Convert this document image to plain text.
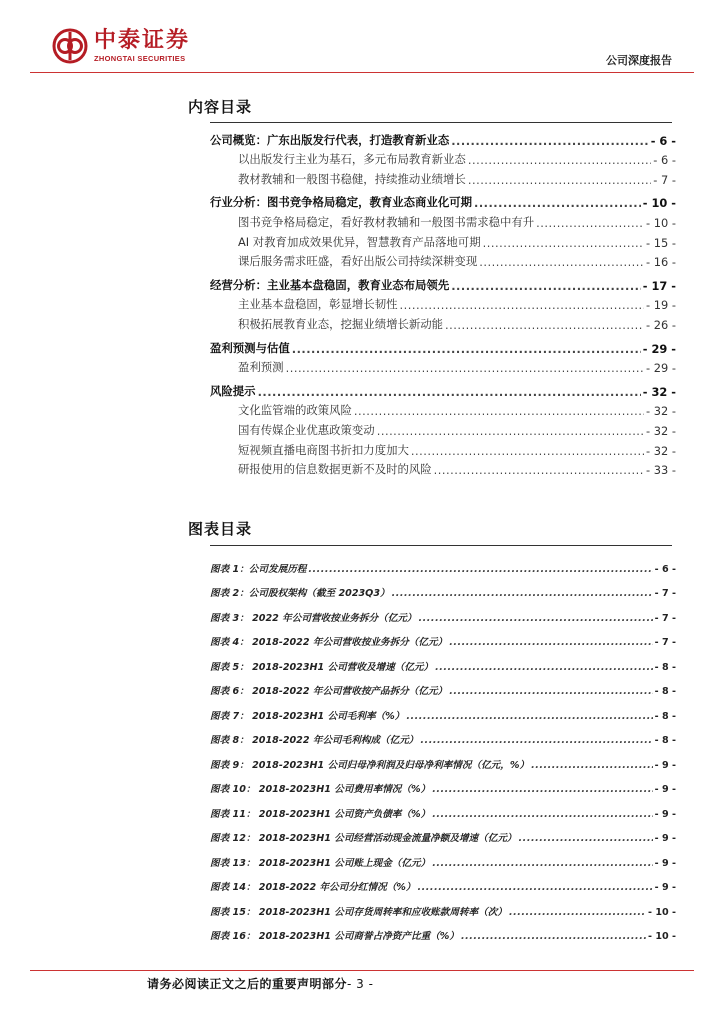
中泰证券
ZHONGTAI SECURITIES	公司深度报告
内容目录
公司概览：广东出版发行代表，打造教育新业态 .....	- 6 -
以出版发行主业为基石，多元布局教育新业态 .....	- 6 -
教材教辅和一般图书稳健，持续推动业绩增长 .....	- 7 -
行业分析：图书竞争格局稳定，教育业态商业化可期 .....	- 10 -
图书竞争格局稳定，看好教材教辅和一般图书需求稳中有升 .....	- 10 -
AI 对教育加成效果优异，智慧教育产品落地可期 .....	- 15 -
课后服务需求旺盛，看好出版公司持续深耕变现 .....	- 16 -
经营分析：主业基本盘稳固，教育业态布局领先 .....	- 17 -
主业基本盘稳固，彰显增长韧性 .....	- 19 -
积极拓展教育业态，挖掘业绩增长新动能 .....	- 26 -
盈利预测与估值 .....	- 29 -
盈利预测 .....	- 29 -
风险提示 .....	- 32 -
文化监管端的政策风险 .....	- 32 -
国有传媒企业优惠政策变动 .....	- 32 -
短视频直播电商图书折扣力度加大 .....	- 32 -
研报使用的信息数据更新不及时的风险 .....	- 33 -
图表目录
图表 1：公司发展历程 .....	- 6 -
图表 2：公司股权架构（截至 2023Q3） .....	- 7 -
图表 3： 2022 年公司营收按业务拆分（亿元） .....	- 7 -
图表 4： 2018-2022 年公司营收按业务拆分（亿元） .....	- 7 -
图表 5： 2018-2023H1 公司营收及增速（亿元） .....	- 8 -
图表 6： 2018-2022 年公司营收按产品拆分（亿元） .....	- 8 -
图表 7： 2018-2023H1 公司毛利率（%） .....	- 8 -
图表 8： 2018-2022 年公司毛利构成（亿元） .....	- 8 -
图表 9： 2018-2023H1 公司归母净利润及归母净利率情况（亿元，%） .....	- 9 -
图表 10： 2018-2023H1 公司费用率情况（%） .....	- 9 -
图表 11： 2018-2023H1 公司资产负债率（%） .....	- 9 -
图表 12： 2018-2023H1 公司经营活动现金流量净额及增速（亿元） .....	- 9 -
图表 13： 2018-2023H1 公司账上现金（亿元） .....	- 9 -
图表 14： 2018-2022 年公司分红情况（%） .....	- 9 -
图表 15： 2018-2023H1 公司存货周转率和应收账款周转率（次） .....	- 10 -
图表 16： 2018-2023H1 公司商誉占净资产比重（%） .....	- 10 -
请务必阅读正文之后的重要声明部分- 3 -
